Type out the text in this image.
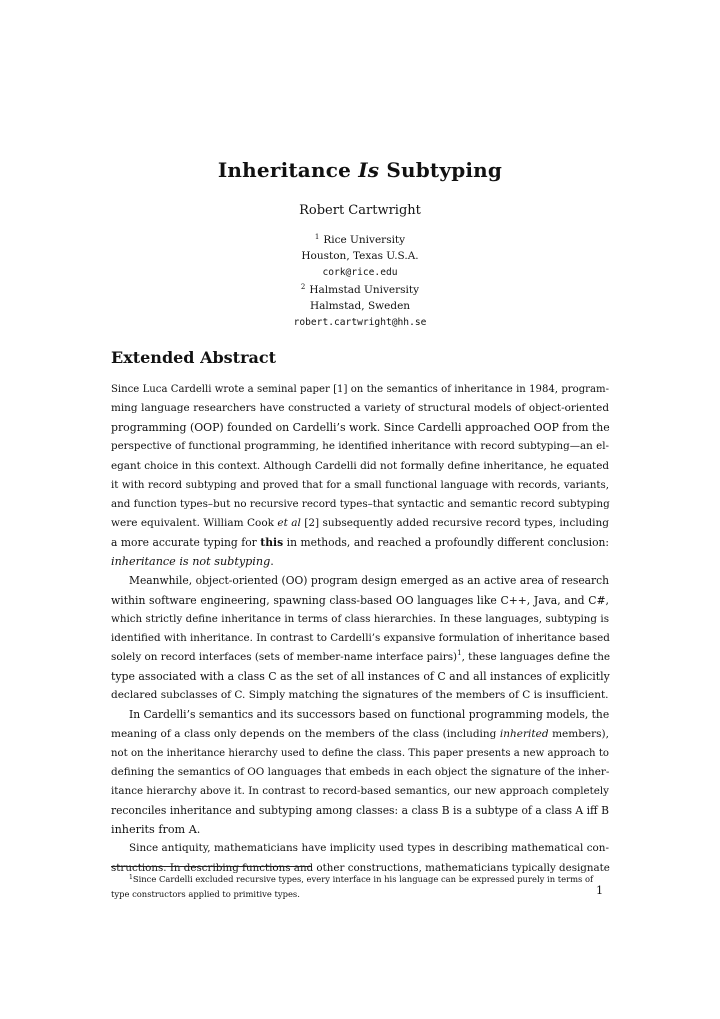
Inheritance Is Subtyping
Robert Cartwright
$^1$ Rice University
Houston, Texas U.S.A.
cork@rice.edu
$^2$ Halmstad University
Halmstad, Sweden
robert.cartwright@hh.se
Extended Abstract
Since Luca Cardelli wrote a seminal paper [1] on the semantics of inheritance in 1984, program-
ming language researchers have constructed a variety of structural models of object-oriented
programming (OOP) founded on Cardelli’s work. Since Cardelli approached OOP from the
perspective of functional programming, he identified inheritance with record subtyping—an el-
egant choice in this context. Although Cardelli did not formally define inheritance, he equated
it with record subtyping and proved that for a small functional language with records, variants,
and function types–but no recursive record types–that syntactic and semantic record subtyping
were equivalent. William Cook et al [2] subsequently added recursive record types, including
a more accurate typing for this in methods, and reached a profoundly different conclusion:
inheritance is not subtyping.
Meanwhile, object-oriented (OO) program design emerged as an active area of research
within software engineering, spawning class-based OO languages like C++, Java, and C#,
which strictly define inheritance in terms of class hierarchies. In these languages, subtyping is
identified with inheritance. In contrast to Cardelli’s expansive formulation of inheritance based
solely on record interfaces (sets of member-name interface pairs)$^1$, these languages define the
type associated with a class C as the set of all instances of C and all instances of explicitly
declared subclasses of C. Simply matching the signatures of the members of C is insufficient.
In Cardelli’s semantics and its successors based on functional programming models, the
meaning of a class only depends on the members of the class (including inherited members),
not on the inheritance hierarchy used to define the class. This paper presents a new approach to
defining the semantics of OO languages that embeds in each object the signature of the inher-
itance hierarchy above it. In contrast to record-based semantics, our new approach completely
reconciles inheritance and subtyping among classes: a class B is a subtype of a class A iff B
inherits from A.
Since antiquity, mathematicians have implicity used types in describing mathematical con-
structions. In describing functions and other constructions, mathematicians typically designate
$^1$Since Cardelli excluded recursive types, every interface in his language can be expressed purely in terms of
type constructors applied to primitive types.	1
